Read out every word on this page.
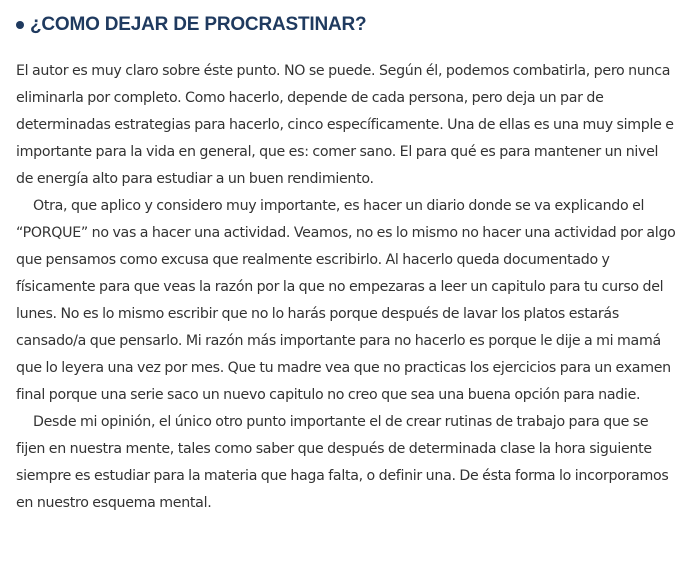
¿COMO DEJAR DE PROCRASTINAR?

El autor es muy claro sobre éste punto. NO se puede. Según él, podemos combatirla, pero nunca eliminarla por completo. Como hacerlo, depende de cada persona, pero deja un par de determinadas estrategias para hacerlo, cinco específicamente. Una de ellas es una muy simple e importante para la vida en general, que es: comer sano. El para qué es para mantener un nivel de energía alto para estudiar a un buen rendimiento.

Otra, que aplico y considero muy importante, es hacer un diario donde se va explicando el “PORQUE” no vas a hacer una actividad. Veamos, no es lo mismo no hacer una actividad por algo que pensamos como excusa que realmente escribirlo. Al hacerlo queda documentado y físicamente para que veas la razón por la que no empezaras a leer un capitulo para tu curso del lunes. No es lo mismo escribir que no lo harás porque después de lavar los platos estarás cansado/a que pensarlo. Mi razón más importante para no hacerlo es porque le dije a mi mamá que lo leyera una vez por mes. Que tu madre vea que no practicas los ejercicios para un examen final porque una serie saco un nuevo capitulo no creo que sea una buena opción para nadie.

Desde mi opinión, el único otro punto importante el de crear rutinas de trabajo para que se fijen en nuestra mente, tales como saber que después de determinada clase la hora siguiente siempre es estudiar para la materia que haga falta, o definir una. De ésta forma lo incorporamos en nuestro esquema mental.
